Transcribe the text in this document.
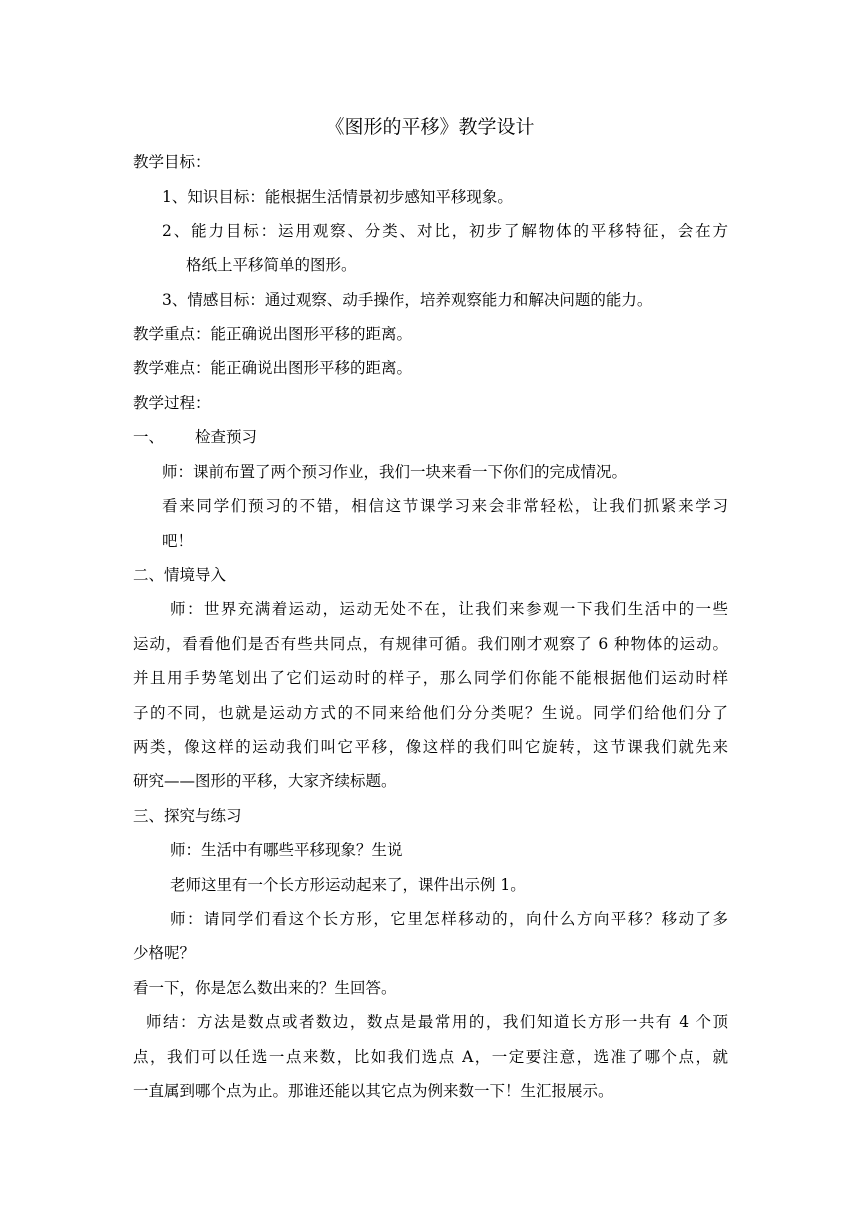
《图形的平移》教学设计
教学目标：
1、知识目标：能根据生活情景初步感知平移现象。
2、能力目标：运用观察、分类、对比，初步了解物体的平移特征，会在方
格纸上平移简单的图形。
3、情感目标：通过观察、动手操作，培养观察能力和解决问题的能力。
教学重点：能正确说出图形平移的距离。
教学难点：能正确说出图形平移的距离。
教学过程：
一、 检查预习
师：课前布置了两个预习作业，我们一块来看一下你们的完成情况。
看来同学们预习的不错，相信这节课学习来会非常轻松，让我们抓紧来学习
吧！
二、情境导入
师：世界充满着运动，运动无处不在，让我们来参观一下我们生活中的一些
运动，看看他们是否有些共同点，有规律可循。我们刚才观察了 6 种物体的运动。
并且用手势笔划出了它们运动时的样子，那么同学们你能不能根据他们运动时样
子的不同，也就是运动方式的不同来给他们分分类呢？生说。同学们给他们分了
两类，像这样的运动我们叫它平移，像这样的我们叫它旋转，这节课我们就先来
研究——图形的平移，大家齐续标题。
三、探究与练习
师：生活中有哪些平移现象？生说
老师这里有一个长方形运动起来了，课件出示例 1。
师：请同学们看这个长方形，它里怎样移动的，向什么方向平移？移动了多
少格呢？
看一下，你是怎么数出来的？生回答。
师结：方法是数点或者数边，数点是最常用的，我们知道长方形一共有 4 个顶
点，我们可以任选一点来数，比如我们选点 A，一定要注意，选准了哪个点，就
一直属到哪个点为止。那谁还能以其它点为例来数一下！生汇报展示。
